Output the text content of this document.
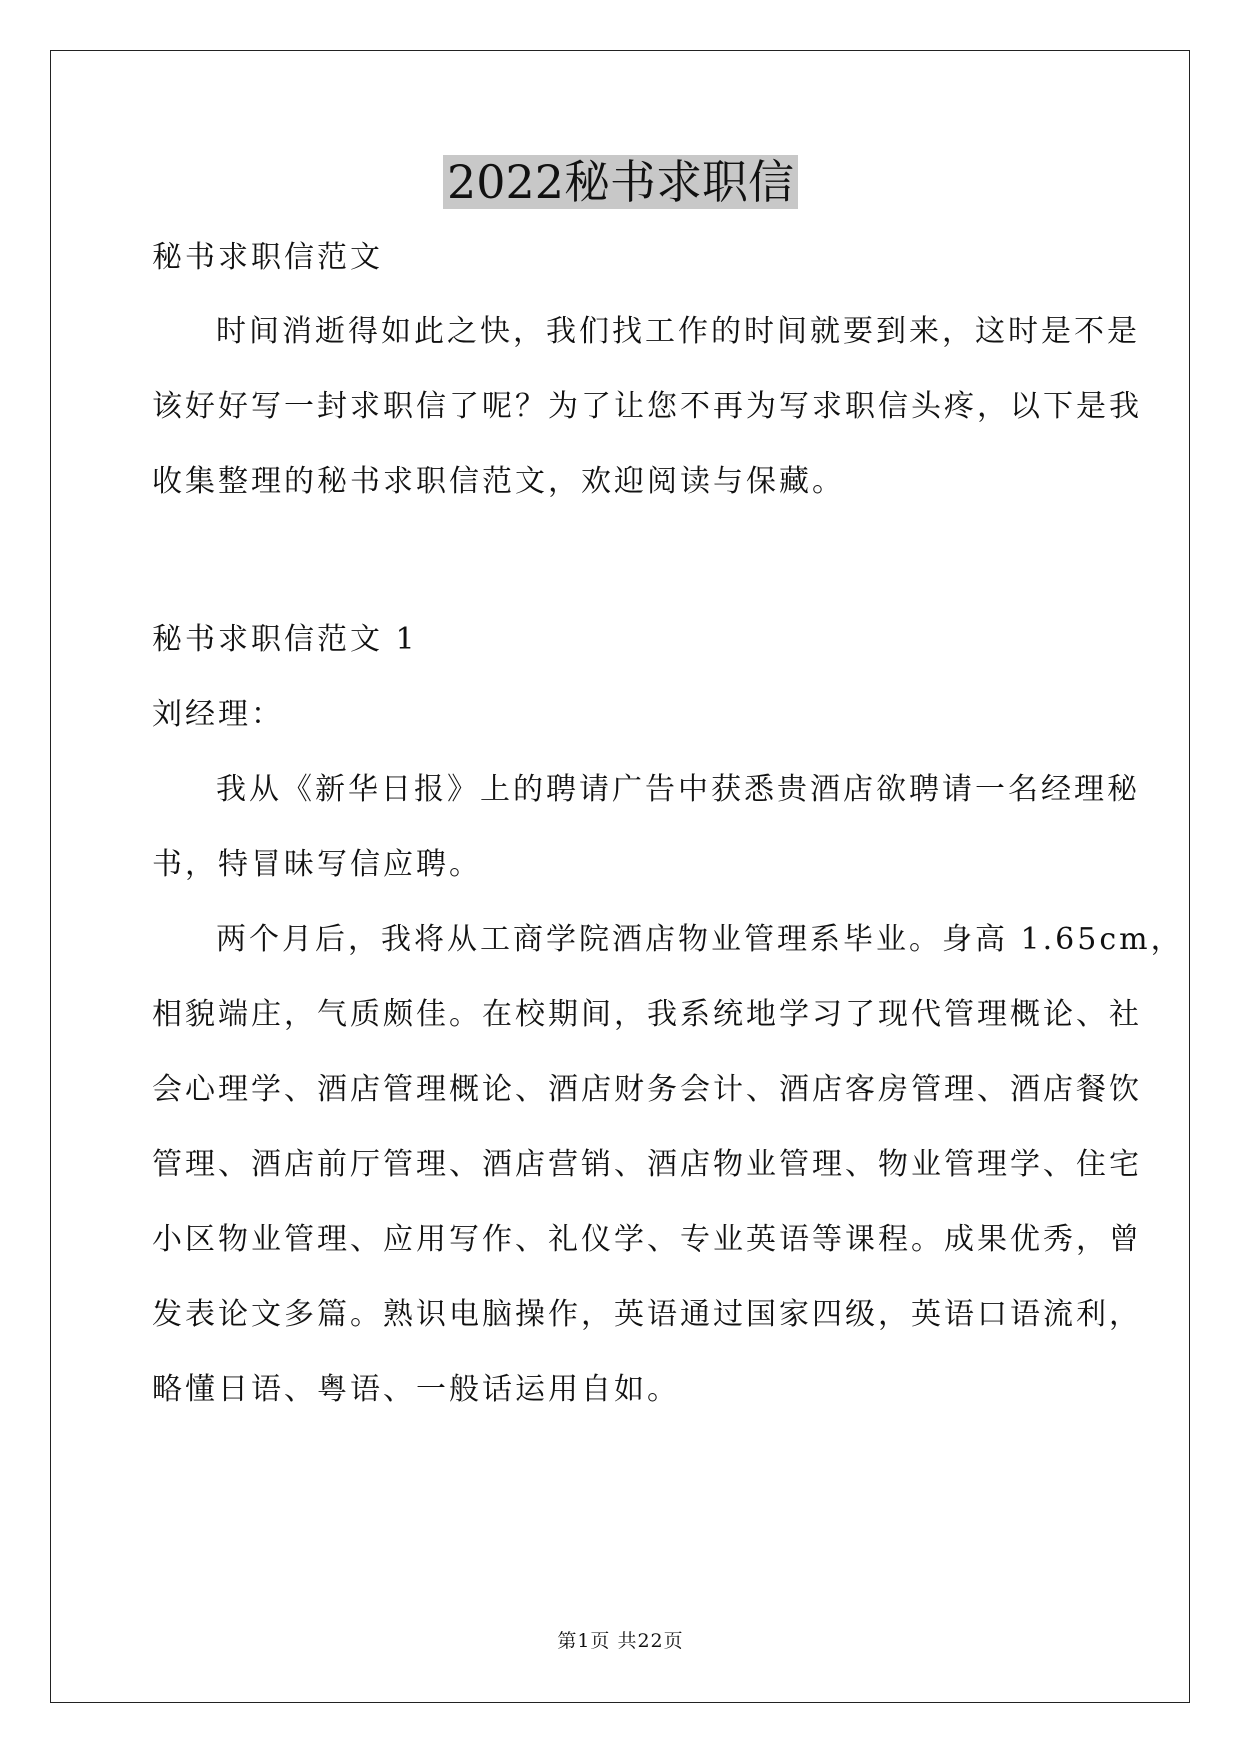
2022秘书求职信
秘书求职信范文
时间消逝得如此之快，我们找工作的时间就要到来，这时是不是
该好好写一封求职信了呢？为了让您不再为写求职信头疼，以下是我
收集整理的秘书求职信范文，欢迎阅读与保藏。
秘书求职信范文 1
刘经理：
我从《新华日报》上的聘请广告中获悉贵酒店欲聘请一名经理秘
书，特冒昧写信应聘。
两个月后，我将从工商学院酒店物业管理系毕业。身高 1.65cm，
相貌端庄，气质颇佳。在校期间，我系统地学习了现代管理概论、社
会心理学、酒店管理概论、酒店财务会计、酒店客房管理、酒店餐饮
管理、酒店前厅管理、酒店营销、酒店物业管理、物业管理学、住宅
小区物业管理、应用写作、礼仪学、专业英语等课程。成果优秀，曾
发表论文多篇。熟识电脑操作，英语通过国家四级，英语口语流利，
略懂日语、粤语、一般话运用自如。
第1页 共22页
